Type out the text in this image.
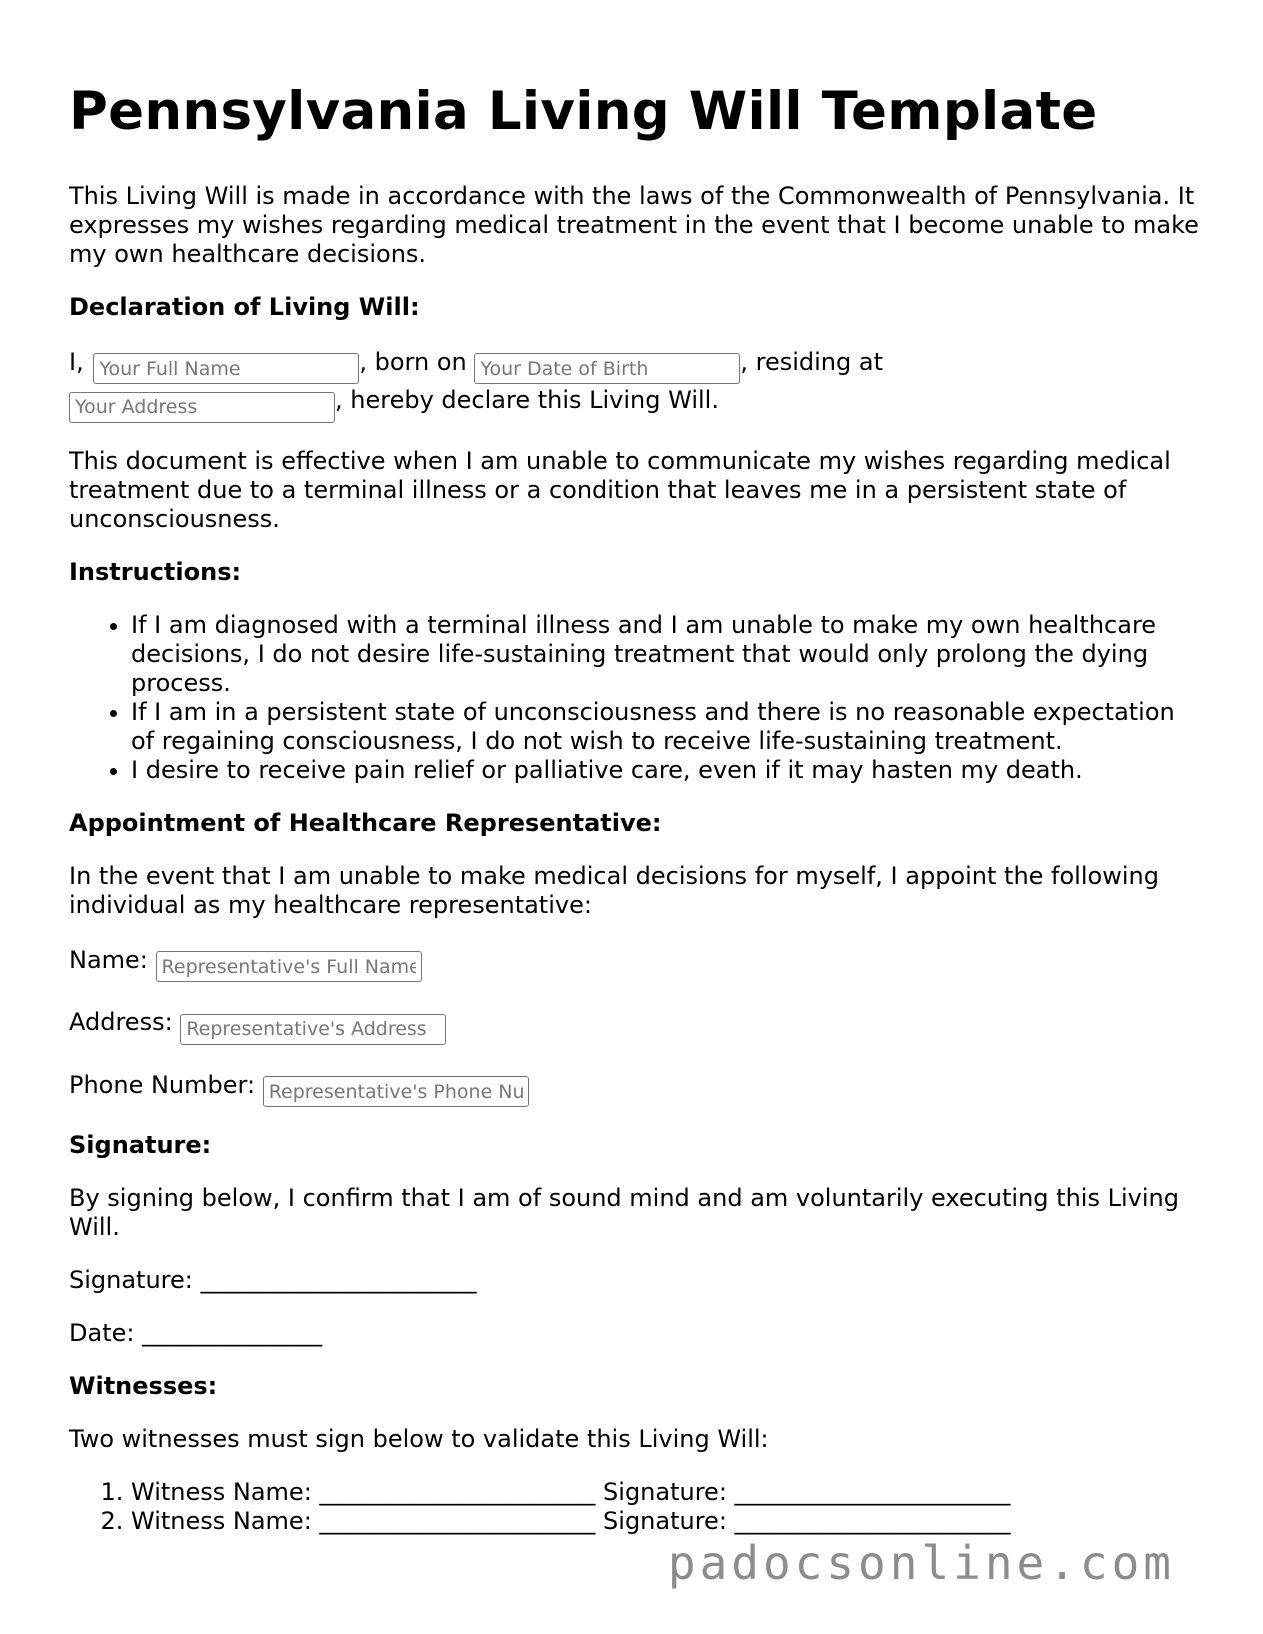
Pennsylvania Living Will Template

This Living Will is made in accordance with the laws of the Commonwealth of Pennsylvania. It expresses my wishes regarding medical treatment in the event that I become unable to make my own healthcare decisions.

Declaration of Living Will:
I, Your Full Name	, born on Your Date of Birth	, residing at
Your Address, hereby declare this Living Will.

This document is effective when I am unable to communicate my wishes regarding medical treatment due to a terminal illness or a condition that leaves me in a persistent state of unconsciousness.

Instructions:
• If I am diagnosed with a terminal illness and I am unable to make my own healthcare decisions, I do not desire life-sustaining treatment that would only prolong the dying process.
• If I am in a persistent state of unconsciousness and there is no reasonable expectation of regaining consciousness, I do not wish to receive life-sustaining treatment.
• I desire to receive pain relief or palliative care, even if it may hasten my death.
Appointment of Healthcare Representative:

In the event that I am unable to make medical decisions for myself, I appoint the following individual as my healthcare representative:

Name: Representative's Full Name
Address: Representative's Address
Phone Number: Representative's Phone Number
Signature:

By signing below, I confirm that I am of sound mind and am voluntarily executing this Living Will.

Signature: _______________________

Date: _______________

Witnesses:

Two witnesses must sign below to validate this Living Will:

1. Witness Name: _______________________ Signature: _______________________
2. Witness Name: _______________________ Signature: _______________________
padocsonline.com
